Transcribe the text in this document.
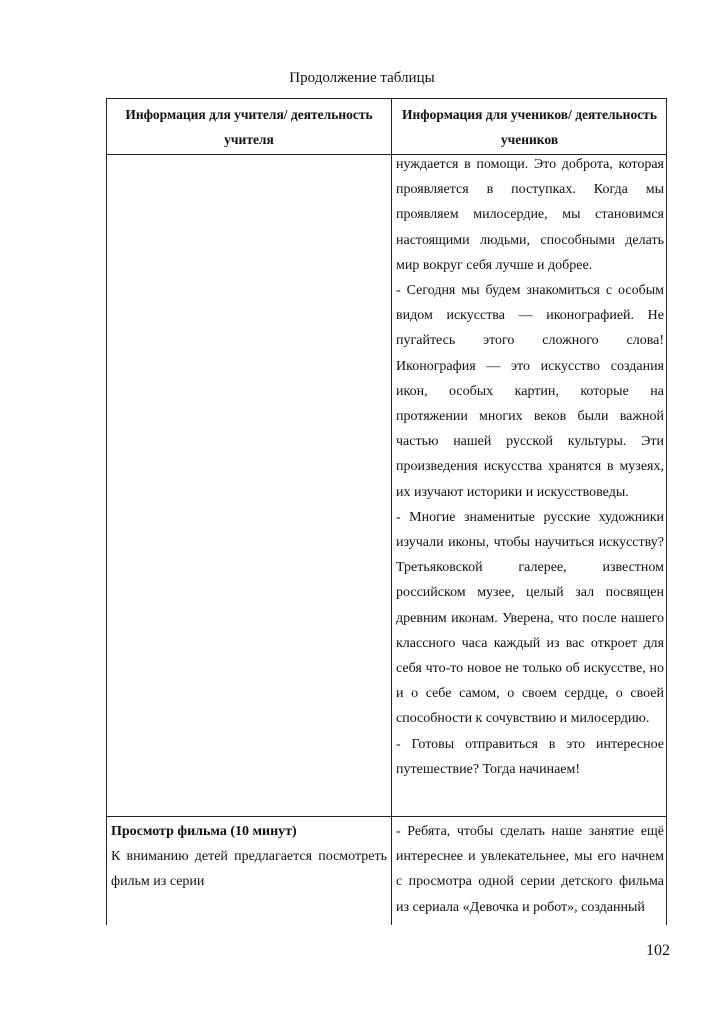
Продолжение таблицы
Информация для учителя/ деятельность учителя
Информация для учеников/ деятельность учеников

нуждается в помощи. Это доброта, которая проявляется в поступках. Когда мы проявляем милосердие, мы становимся настоящими людьми, способными делать мир вокруг себя лучше и добрее.

- Сегодня мы будем знакомиться с особым видом искусства — иконографией. Не пугайтесь этого сложного слова! Иконография — это искусство создания икон, особых картин, которые на протяжении многих веков были важной частью нашей русской культуры. Эти произведения искусства хранятся в музеях, их изучают историки и искусствоведы.

- Многие знаменитые русские художники изучали иконы, чтобы научиться искусству? Третьяковской галерее, известном российском музее, целый зал посвящен древним иконам. Уверена, что после нашего классного часа каждый из вас откроет для себя что-то новое не только об искусстве, но и о себе самом, о своем сердце, о своей способности к сочувствию и милосердию.

- Готовы отправиться в это интересное путешествие? Тогда начинаем!

Просмотр фильма (10 минут)

К вниманию детей предлагается посмотреть фильм из серии

- Ребята, чтобы сделать наше занятие ещё интереснее и увлекательнее, мы его начнем с просмотра одной серии детского фильма из сериала «Девочка и робот», созданный

102
